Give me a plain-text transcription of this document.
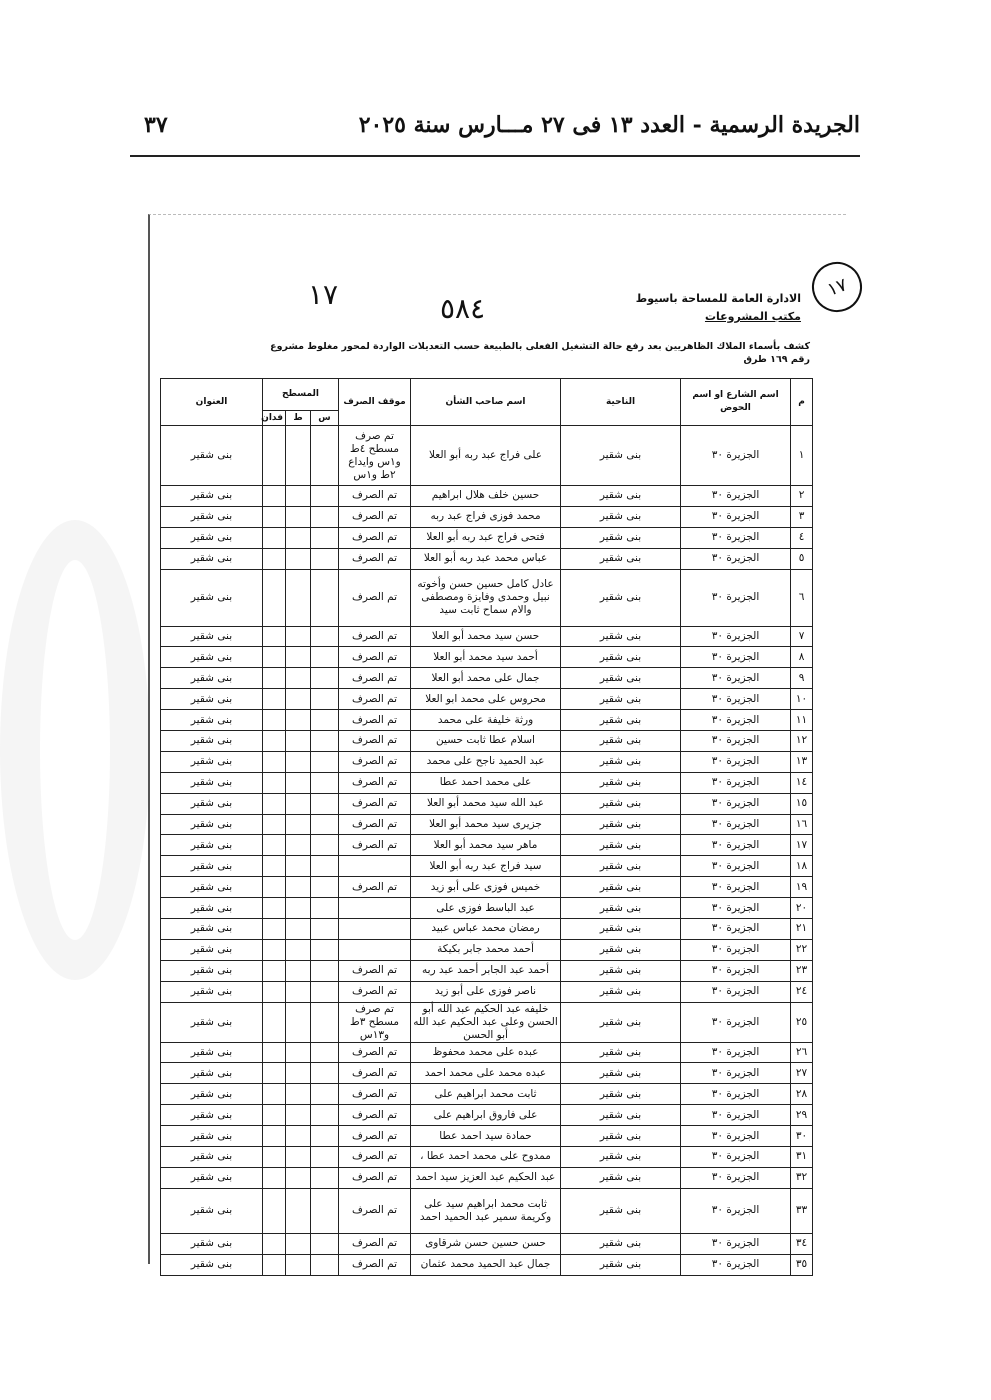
الجريدة الرسمية - العدد ١٣ فى ٢٧ مـــارس سنة ٢٠٢٥
٣٧
١٧
١٧	٥٨٤	الادارة العامة للمساحة باسيوط
مكتب المشروعات
كشف بأسماء الملاك الظاهريين بعد رفع حالة التشغيل الفعلى بالطبيعة حسب التعديلات الواردة لمحور مغلوط مشروع رقم ١٦٩ طرق
م	اسم الشارع او اسم الحوض	الناحية	اسم صاحب الشأن	موقف الصرف	المسطح			العنوان
					س	ط	فدان	
١	الجزيرة ٣٠	بنى شقير	على فراج عبد ربه أبو العلا	تم صرف مسطح ٤ط و١س وايداع ٢ط و١س				بنى شقير
٢	الجزيرة ٣٠	بنى شقير	حسين خلف هلال ابراهيم	تم الصرف				بنى شقير
٣	الجزيرة ٣٠	بنى شقير	محمد فوزى فراج عبد ربه	تم الصرف				بنى شقير
٤	الجزيرة ٣٠	بنى شقير	فتحى فراج عبد ربه أبو العلا	تم الصرف				بنى شقير
٥	الجزيرة ٣٠	بنى شقير	عباس محمد عبد ربه أبو العلا	تم الصرف				بنى شقير
٦	الجزيرة ٣٠	بنى شقير	عادل كامل حسين حسن وأخوته نبيل وحمدى وفايزة ومصطفى والام سماح ثابت سيد	تم الصرف				بنى شقير
٧	الجزيرة ٣٠	بنى شقير	حسن سيد محمد أبو العلا	تم الصرف				بنى شقير
٨	الجزيرة ٣٠	بنى شقير	أحمد سيد محمد أبو العلا	تم الصرف				بنى شقير
٩	الجزيرة ٣٠	بنى شقير	جمال على محمد أبو العلا	تم الصرف				بنى شقير
١٠	الجزيرة ٣٠	بنى شقير	محروس على محمد ابو العلا	تم الصرف				بنى شقير
١١	الجزيرة ٣٠	بنى شقير	ورثة خليفة على محمد	تم الصرف				بنى شقير
١٢	الجزيرة ٣٠	بنى شقير	اسلام عطا ثابت حسين	تم الصرف				بنى شقير
١٣	الجزيرة ٣٠	بنى شقير	عبد الحميد ناجح على محمد	تم الصرف				بنى شقير
١٤	الجزيرة ٣٠	بنى شقير	على محمد احمد عطا	تم الصرف				بنى شقير
١٥	الجزيرة ٣٠	بنى شقير	عبد الله سيد محمد أبو العلا	تم الصرف				بنى شقير
١٦	الجزيرة ٣٠	بنى شقير	جزيرى سيد محمد أبو العلا	تم الصرف				بنى شقير
١٧	الجزيرة ٣٠	بنى شقير	ماهر سيد محمد أبو العلا	تم الصرف				بنى شقير
١٨	الجزيرة ٣٠	بنى شقير	سيد فراج عبد ربه أبو العلا					بنى شقير
١٩	الجزيرة ٣٠	بنى شقير	خميس فوزى على أبو زيد	تم الصرف				بنى شقير
٢٠	الجزيرة ٣٠	بنى شقير	عبد الباسط فوزى على					بنى شقير
٢١	الجزيرة ٣٠	بنى شقير	رمضان محمد عباس عبيد					بنى شقير
٢٢	الجزيرة ٣٠	بنى شقير	أحمد محمد جابر بكيكة					بنى شقير
٢٣	الجزيرة ٣٠	بنى شقير	أحمد عبد الجابر أحمد عبد ربه	تم الصرف				بنى شقير
٢٤	الجزيرة ٣٠	بنى شقير	ناصر فوزى على أبو زيد	تم الصرف				بنى شقير
٢٥	الجزيرة ٣٠	بنى شقير	خليفه عبد الحكيم عبد الله أبو الحسن وعلى عبد الحكيم عبد الله أبو الحسن	تم صرف مسطح ٣ط و١٣س				بنى شقير
٢٦	الجزيرة ٣٠	بنى شقير	عبده على محمد محفوظ	تم الصرف				بنى شقير
٢٧	الجزيرة ٣٠	بنى شقير	عبده محمد على محمد احمد	تم الصرف				بنى شقير
٢٨	الجزيرة ٣٠	بنى شقير	ثابت محمد ابراهيم على	تم الصرف				بنى شقير
٢٩	الجزيرة ٣٠	بنى شقير	على فاروق ابراهيم على	تم الصرف				بنى شقير
٣٠	الجزيرة ٣٠	بنى شقير	حمادة سيد احمد عطا	تم الصرف				بنى شقير
٣١	الجزيرة ٣٠	بنى شقير	ممدوح على محمد احمد عطا ،	تم الصرف				بنى شقير
٣٢	الجزيرة ٣٠	بنى شقير	عبد الحكيم عبد العزيز سيد احمد	تم الصرف				بنى شقير
٣٣	الجزيرة ٣٠	بنى شقير	ثابت محمد ابراهيم سيد على وكريمة سمير عبد الحميد احمد	تم الصرف				بنى شقير
٣٤	الجزيرة ٣٠	بنى شقير	حسن حسين حسن شرقاوى	تم الصرف				بنى شقير
٣٥	الجزيرة ٣٠	بنى شقير	جمال عبد الحميد محمد عثمان	تم الصرف				بنى شقير
